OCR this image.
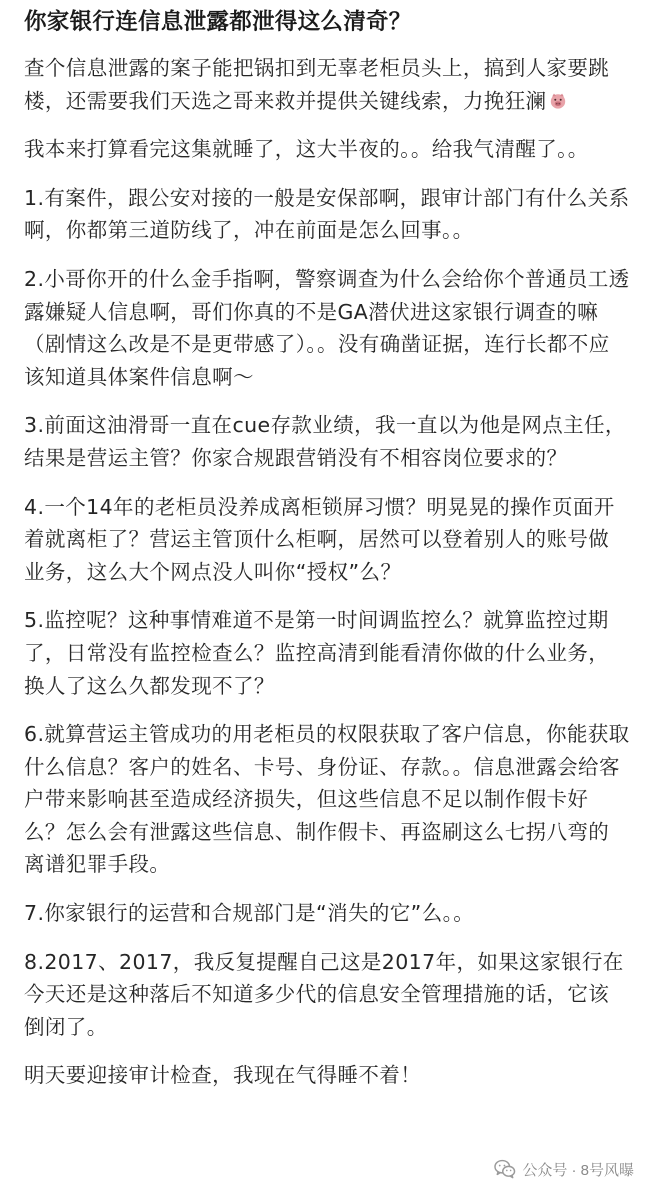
你家银行连信息泄露都泄得这么清奇？
查个信息泄露的案子能把锅扣到无辜老柜员头上，搞到人家要跳楼，还需要我们天选之哥来救并提供关键线索，力挽狂澜
我本来打算看完这集就睡了，这大半夜的。。给我气清醒了。。
1.有案件，跟公安对接的一般是安保部啊，跟审计部门有什么关系啊，你都第三道防线了，冲在前面是怎么回事。。
2.小哥你开的什么金手指啊，警察调查为什么会给你个普通员工透露嫌疑人信息啊，哥们你真的不是GA潜伏进这家银行调查的嘛（剧情这么改是不是更带感了）。。没有确凿证据，连行长都不应该知道具体案件信息啊～
3.前面这油滑哥一直在cue存款业绩，我一直以为他是网点主任，结果是营运主管？你家合规跟营销没有不相容岗位要求的？
4.一个14年的老柜员没养成离柜锁屏习惯？明晃晃的操作页面开着就离柜了？营运主管顶什么柜啊，居然可以登着别人的账号做业务，这么大个网点没人叫你“授权”么？
5.监控呢？这种事情难道不是第一时间调监控么？就算监控过期了，日常没有监控检查么？监控高清到能看清你做的什么业务，换人了这么久都发现不了？
6.就算营运主管成功的用老柜员的权限获取了客户信息，你能获取什么信息？客户的姓名、卡号、身份证、存款。。信息泄露会给客户带来影响甚至造成经济损失，但这些信息不足以制作假卡好么？怎么会有泄露这些信息、制作假卡、再盗刷这么七拐八弯的离谱犯罪手段。
7.你家银行的运营和合规部门是“消失的它”么。。
8.2017、2017，我反复提醒自己这是2017年，如果这家银行在今天还是这种落后不知道多少代的信息安全管理措施的话，它该倒闭了。
明天要迎接审计检查，我现在气得睡不着！
公众号 · 8号风曝
